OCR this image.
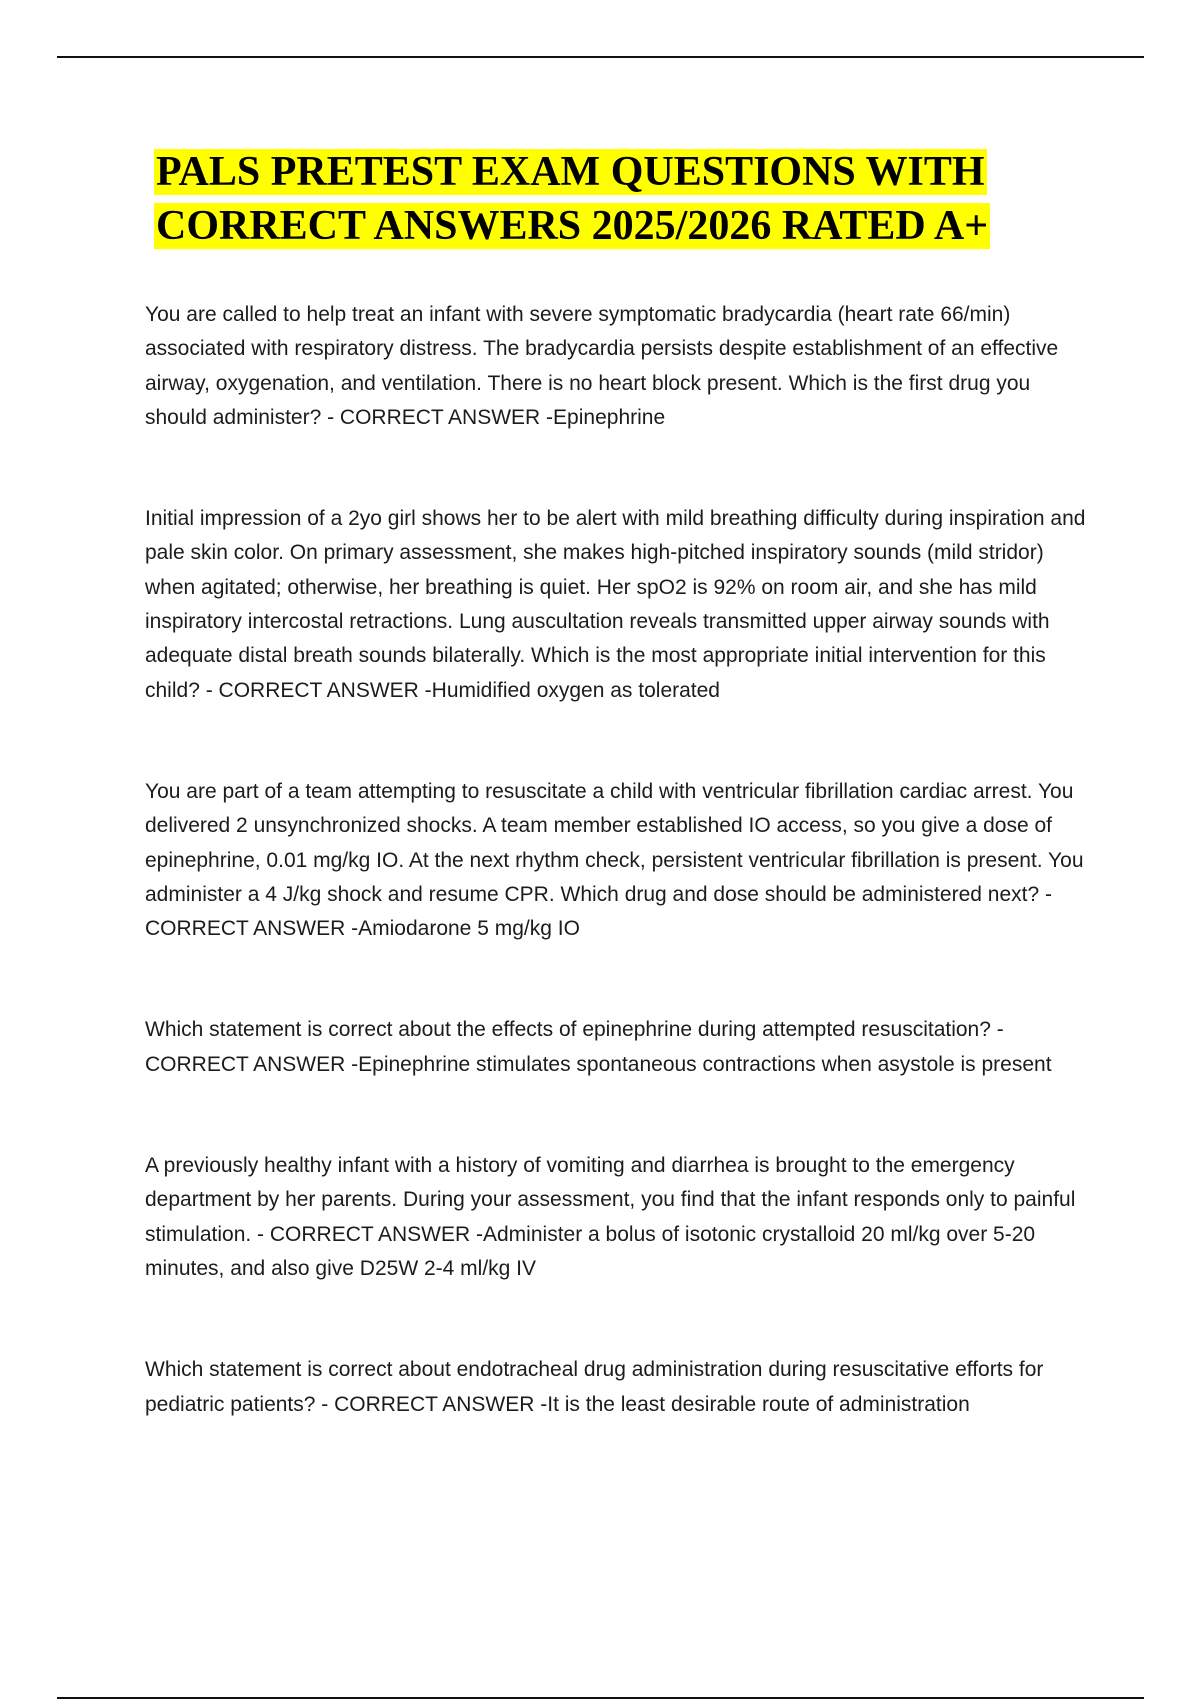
PALS PRETEST EXAM QUESTIONS WITH CORRECT ANSWERS 2025/2026 RATED A+

You are called to help treat an infant with severe symptomatic bradycardia (heart rate 66/min) associated with respiratory distress. The bradycardia persists despite establishment of an effective airway, oxygenation, and ventilation. There is no heart block present. Which is the first drug you should administer? - CORRECT ANSWER -Epinephrine

Initial impression of a 2yo girl shows her to be alert with mild breathing difficulty during inspiration and pale skin color. On primary assessment, she makes high-pitched inspiratory sounds (mild stridor) when agitated; otherwise, her breathing is quiet. Her spO2 is 92% on room air, and she has mild inspiratory intercostal retractions. Lung auscultation reveals transmitted upper airway sounds with adequate distal breath sounds bilaterally. Which is the most appropriate initial intervention for this child? - CORRECT ANSWER -Humidified oxygen as tolerated

You are part of a team attempting to resuscitate a child with ventricular fibrillation cardiac arrest. You delivered 2 unsynchronized shocks. A team member established IO access, so you give a dose of epinephrine, 0.01 mg/kg IO. At the next rhythm check, persistent ventricular fibrillation is present. You administer a 4 J/kg shock and resume CPR. Which drug and dose should be administered next? - CORRECT ANSWER -Amiodarone 5 mg/kg IO

Which statement is correct about the effects of epinephrine during attempted resuscitation? - CORRECT ANSWER -Epinephrine stimulates spontaneous contractions when asystole is present

A previously healthy infant with a history of vomiting and diarrhea is brought to the emergency department by her parents. During your assessment, you find that the infant responds only to painful stimulation. - CORRECT ANSWER -Administer a bolus of isotonic crystalloid 20 ml/kg over 5-20 minutes, and also give D25W 2-4 ml/kg IV

Which statement is correct about endotracheal drug administration during resuscitative efforts for pediatric patients? - CORRECT ANSWER -It is the least desirable route of administration
